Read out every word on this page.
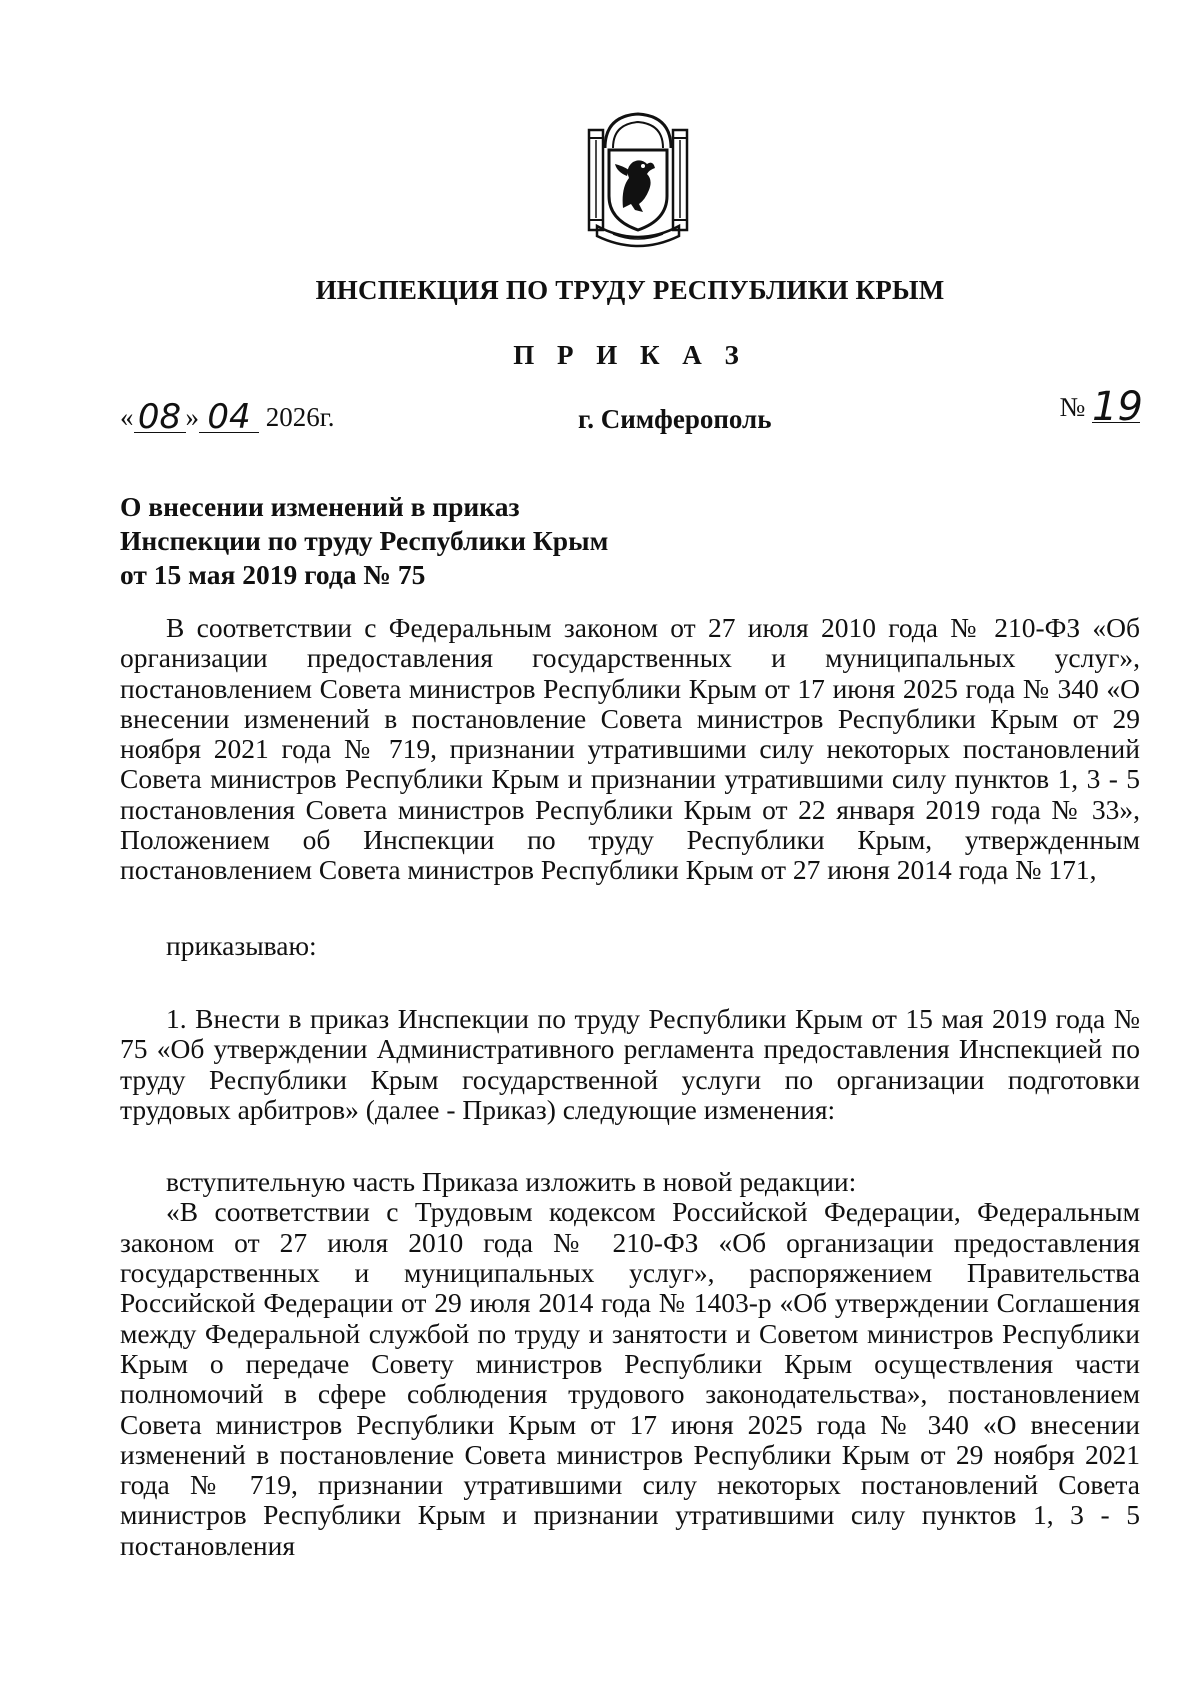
ИНСПЕКЦИЯ ПО ТРУДУ РЕСПУБЛИКИ КРЫМ
П Р И К А З
« 08 » 04 2026г.	г. Симферополь	№ 19
О внесении изменений в приказ
Инспекции по труду Республики Крым
от 15 мая 2019 года № 75

В соответствии с Федеральным законом от 27 июля 2010 года № 210-ФЗ «Об организации предоставления государственных и муниципальных услуг», постановлением Совета министров Республики Крым от 17 июня 2025 года № 340 «О внесении изменений в постановление Совета министров Республики Крым от 29 ноября 2021 года № 719, признании утратившими силу некоторых постановлений Совета министров Республики Крым и признании утратившими силу пунктов 1, 3 - 5 постановления Совета министров Республики Крым от 22 января 2019 года № 33», Положением об Инспекции по труду Республики Крым, утвержденным постановлением Совета министров Республики Крым от 27 июня 2014 года № 171,

приказываю:

1. Внести в приказ Инспекции по труду Республики Крым от 15 мая 2019 года № 75 «Об утверждении Административного регламента предоставления Инспекцией по труду Республики Крым государственной услуги по организации подготовки трудовых арбитров» (далее - Приказ) следующие изменения:

вступительную часть Приказа изложить в новой редакции:

«В соответствии с Трудовым кодексом Российской Федерации, Федеральным законом от 27 июля 2010 года № 210-ФЗ «Об организации предоставления государственных и муниципальных услуг», распоряжением Правительства Российской Федерации от 29 июля 2014 года № 1403-р «Об утверждении Соглашения между Федеральной службой по труду и занятости и Советом министров Республики Крым о передаче Совету министров Республики Крым осуществления части полномочий в сфере соблюдения трудового законодательства», постановлением Совета министров Республики Крым от 17 июня 2025 года № 340 «О внесении изменений в постановление Совета министров Республики Крым от 29 ноября 2021 года № 719, признании утратившими силу некоторых постановлений Совета министров Республики Крым и признании утратившими силу пунктов 1, 3 - 5 постановления
